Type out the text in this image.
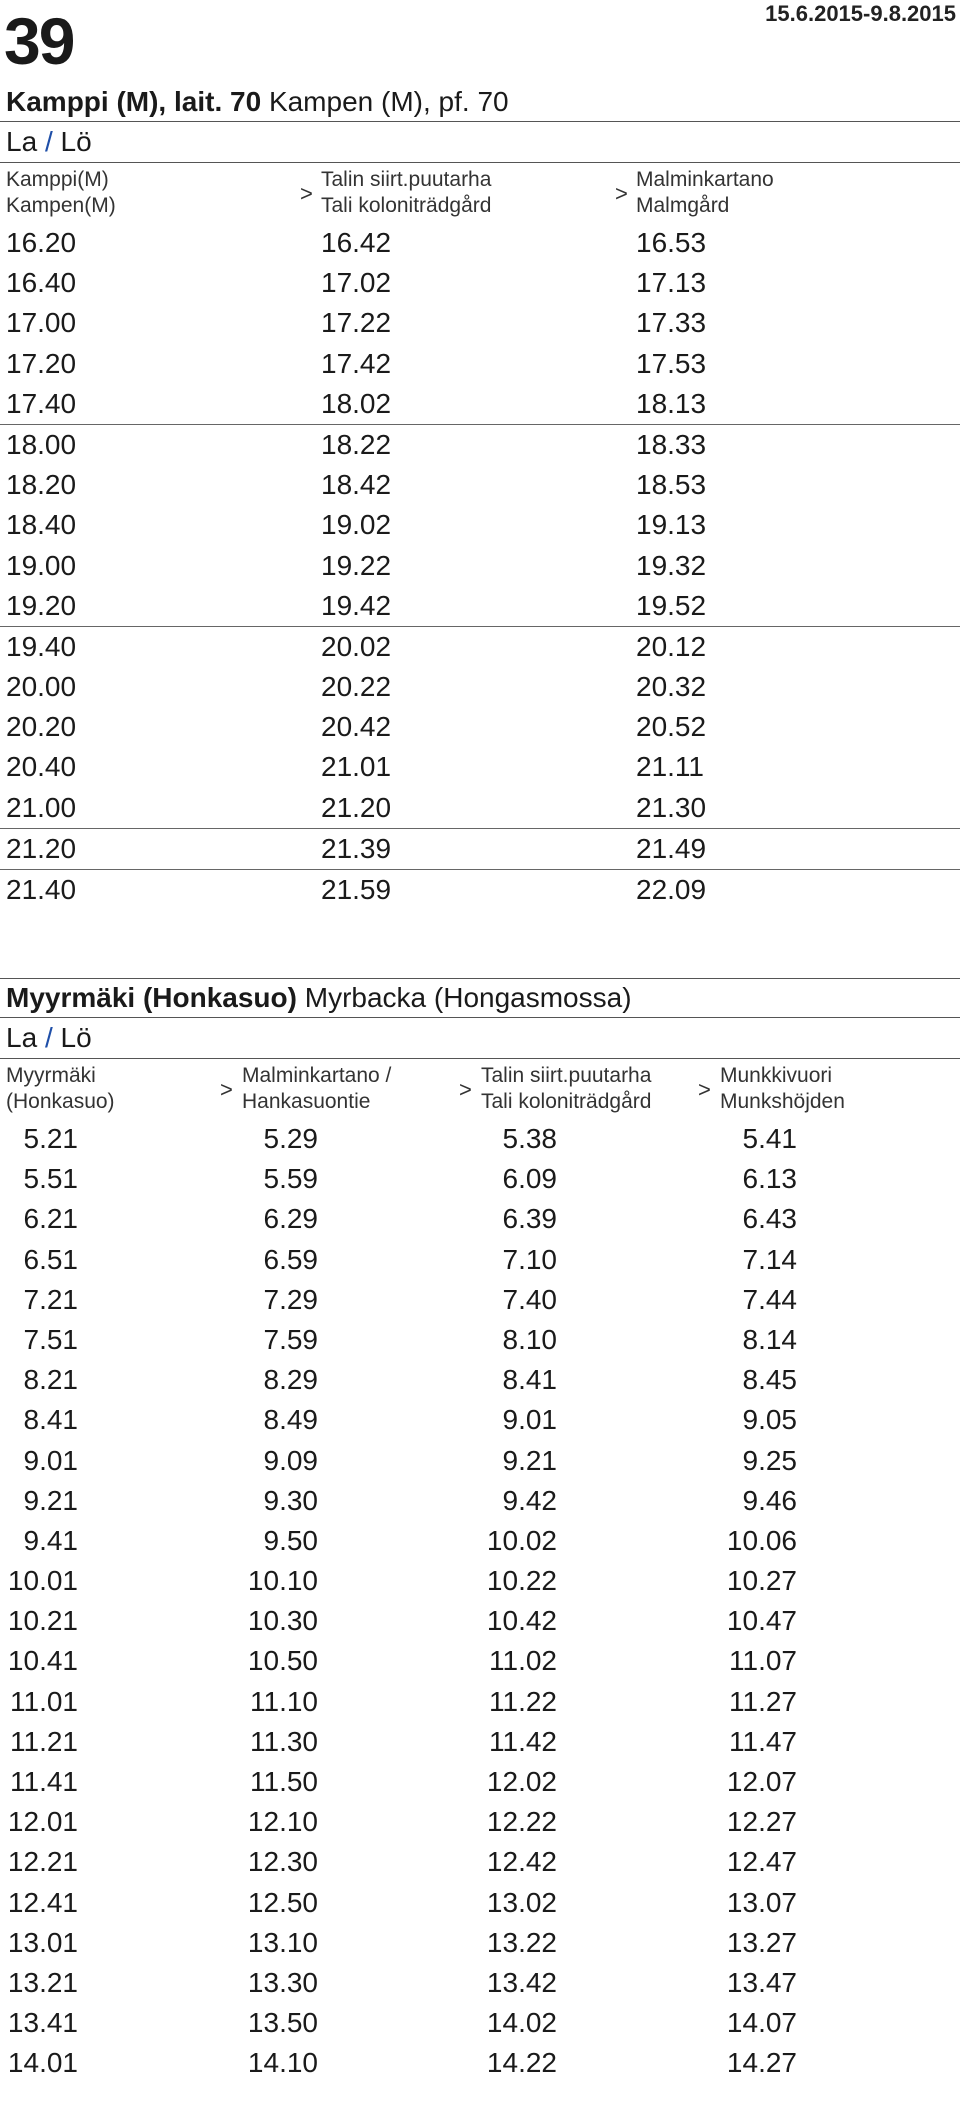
39	15.6.2015-9.8.2015
Kamppi (M), lait. 70 Kampen (M), pf. 70
La / Lö
Kamppi(M)
Kampen(M)	>
Talin siirt.puutarha
Tali koloniträdgård	>
Malminkartano
Malmgård
16.20	16.42	16.53
16.40	17.02	17.13
17.00	17.22	17.33
17.20	17.42	17.53
17.40	18.02	18.13
18.00	18.22	18.33
18.20	18.42	18.53
18.40	19.02	19.13
19.00	19.22	19.32
19.20	19.42	19.52
19.40	20.02	20.12
20.00	20.22	20.32
20.20	20.42	20.52
20.40	21.01	21.11
21.00	21.20	21.30
21.20	21.39	21.49
21.40	21.59	22.09
Myyrmäki (Honkasuo) Myrbacka (Hongasmossa)
La / Lö
Myyrmäki
(Honkasuo)	>
Malminkartano /
Hankasuontie	>
Talin siirt.puutarha
Tali koloniträdgård >
Munkkivuori
Munkshöjden
5.21	5.29	5.38	5.41
5.51	5.59	6.09	6.13
6.21	6.29	6.39	6.43
6.51	6.59	7.10	7.14
7.21	7.29	7.40	7.44
7.51	7.59	8.10	8.14
8.21	8.29	8.41	8.45
8.41	8.49	9.01	9.05
9.01	9.09	9.21	9.25
9.21	9.30	9.42	9.46
9.41	9.50	10.02	10.06
10.01	10.10	10.22	10.27
10.21	10.30	10.42	10.47
10.41	10.50	11.02	11.07
11.01	11.10	11.22	11.27
11.21	11.30	11.42	11.47
11.41	11.50	12.02	12.07
12.01	12.10	12.22	12.27
12.21	12.30	12.42	12.47
12.41	12.50	13.02	13.07
13.01	13.10	13.22	13.27
13.21	13.30	13.42	13.47
13.41	13.50	14.02	14.07
14.01	14.10	14.22	14.27
